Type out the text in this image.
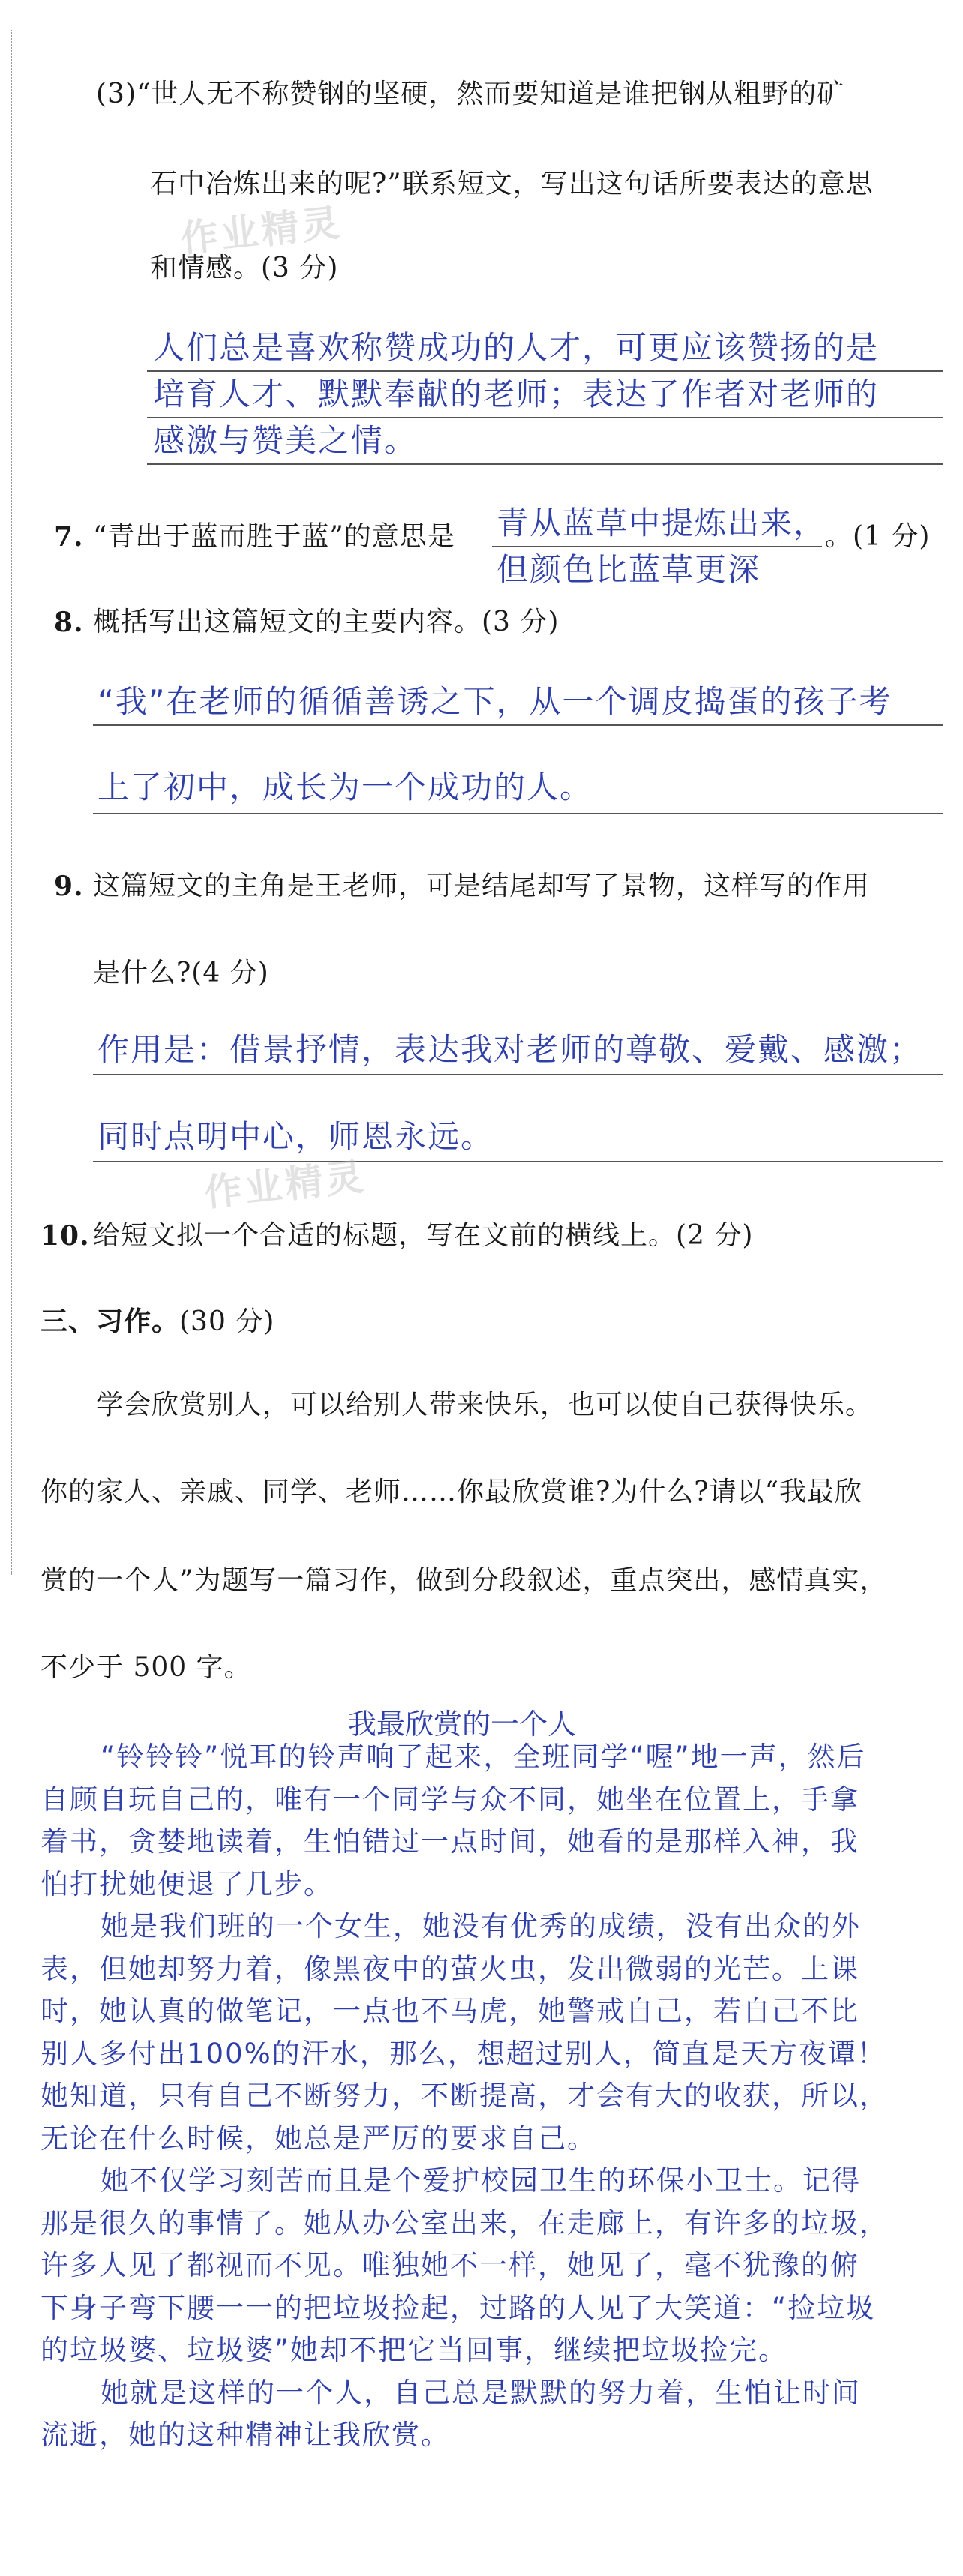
(3)“世人无不称赞钢的坚硬，然而要知道是谁把钢从粗野的矿
石中冶炼出来的呢?”联系短文，写出这句话所要表达的意思
作业精灵
和情感。(3 分)
人们总是喜欢称赞成功的人才，可更应该赞扬的是
培育人才、默默奉献的老师；表达了作者对老师的
感激与赞美之情。
7. “青出于蓝而胜于蓝”的意思是 青从蓝草中提炼出来，
但颜色比蓝草更深
。(1 分)
8. 概括写出这篇短文的主要内容。(3 分)
“我”在老师的循循善诱之下，从一个调皮捣蛋的孩子考
上了初中，成长为一个成功的人。
9. 这篇短文的主角是王老师，可是结尾却写了景物，这样写的作用
是什么?(4 分)
作用是：借景抒情，表达我对老师的尊敬、爱戴、感激；
同时点明中心，师恩永远。
作业精灵
10. 给短文拟一个合适的标题，写在文前的横线上。(2 分)
三、习作。(30 分)
学会欣赏别人，可以给别人带来快乐，也可以使自己获得快乐。
你的家人、亲戚、同学、老师……你最欣赏谁?为什么?请以“我最欣
赏的一个人”为题写一篇习作，做到分段叙述，重点突出，感情真实，
不少于 500 字。
我最欣赏的一个人
“铃铃铃”悦耳的铃声响了起来，全班同学“喔”地一声，然后
自顾自玩自己的，唯有一个同学与众不同，她坐在位置上，手拿
着书，贪婪地读着，生怕错过一点时间，她看的是那样入神，我
怕打扰她便退了几步。
她是我们班的一个女生，她没有优秀的成绩，没有出众的外
表，但她却努力着，像黑夜中的萤火虫，发出微弱的光芒。上课
时，她认真的做笔记，一点也不马虎，她警戒自己，若自己不比
别人多付出100%的汗水，那么，想超过别人，简直是天方夜谭！
她知道，只有自己不断努力，不断提高，才会有大的收获，所以，
无论在什么时候，她总是严厉的要求自己。
她不仅学习刻苦而且是个爱护校园卫生的环保小卫士。记得
那是很久的事情了。她从办公室出来，在走廊上，有许多的垃圾，
许多人见了都视而不见。唯独她不一样，她见了，毫不犹豫的俯
下身子弯下腰一一的把垃圾捡起，过路的人见了大笑道：“捡垃圾
的垃圾婆、垃圾婆”她却不把它当回事，继续把垃圾捡完。
她就是这样的一个人，自己总是默默的努力着，生怕让时间
流逝，她的这种精神让我欣赏。
